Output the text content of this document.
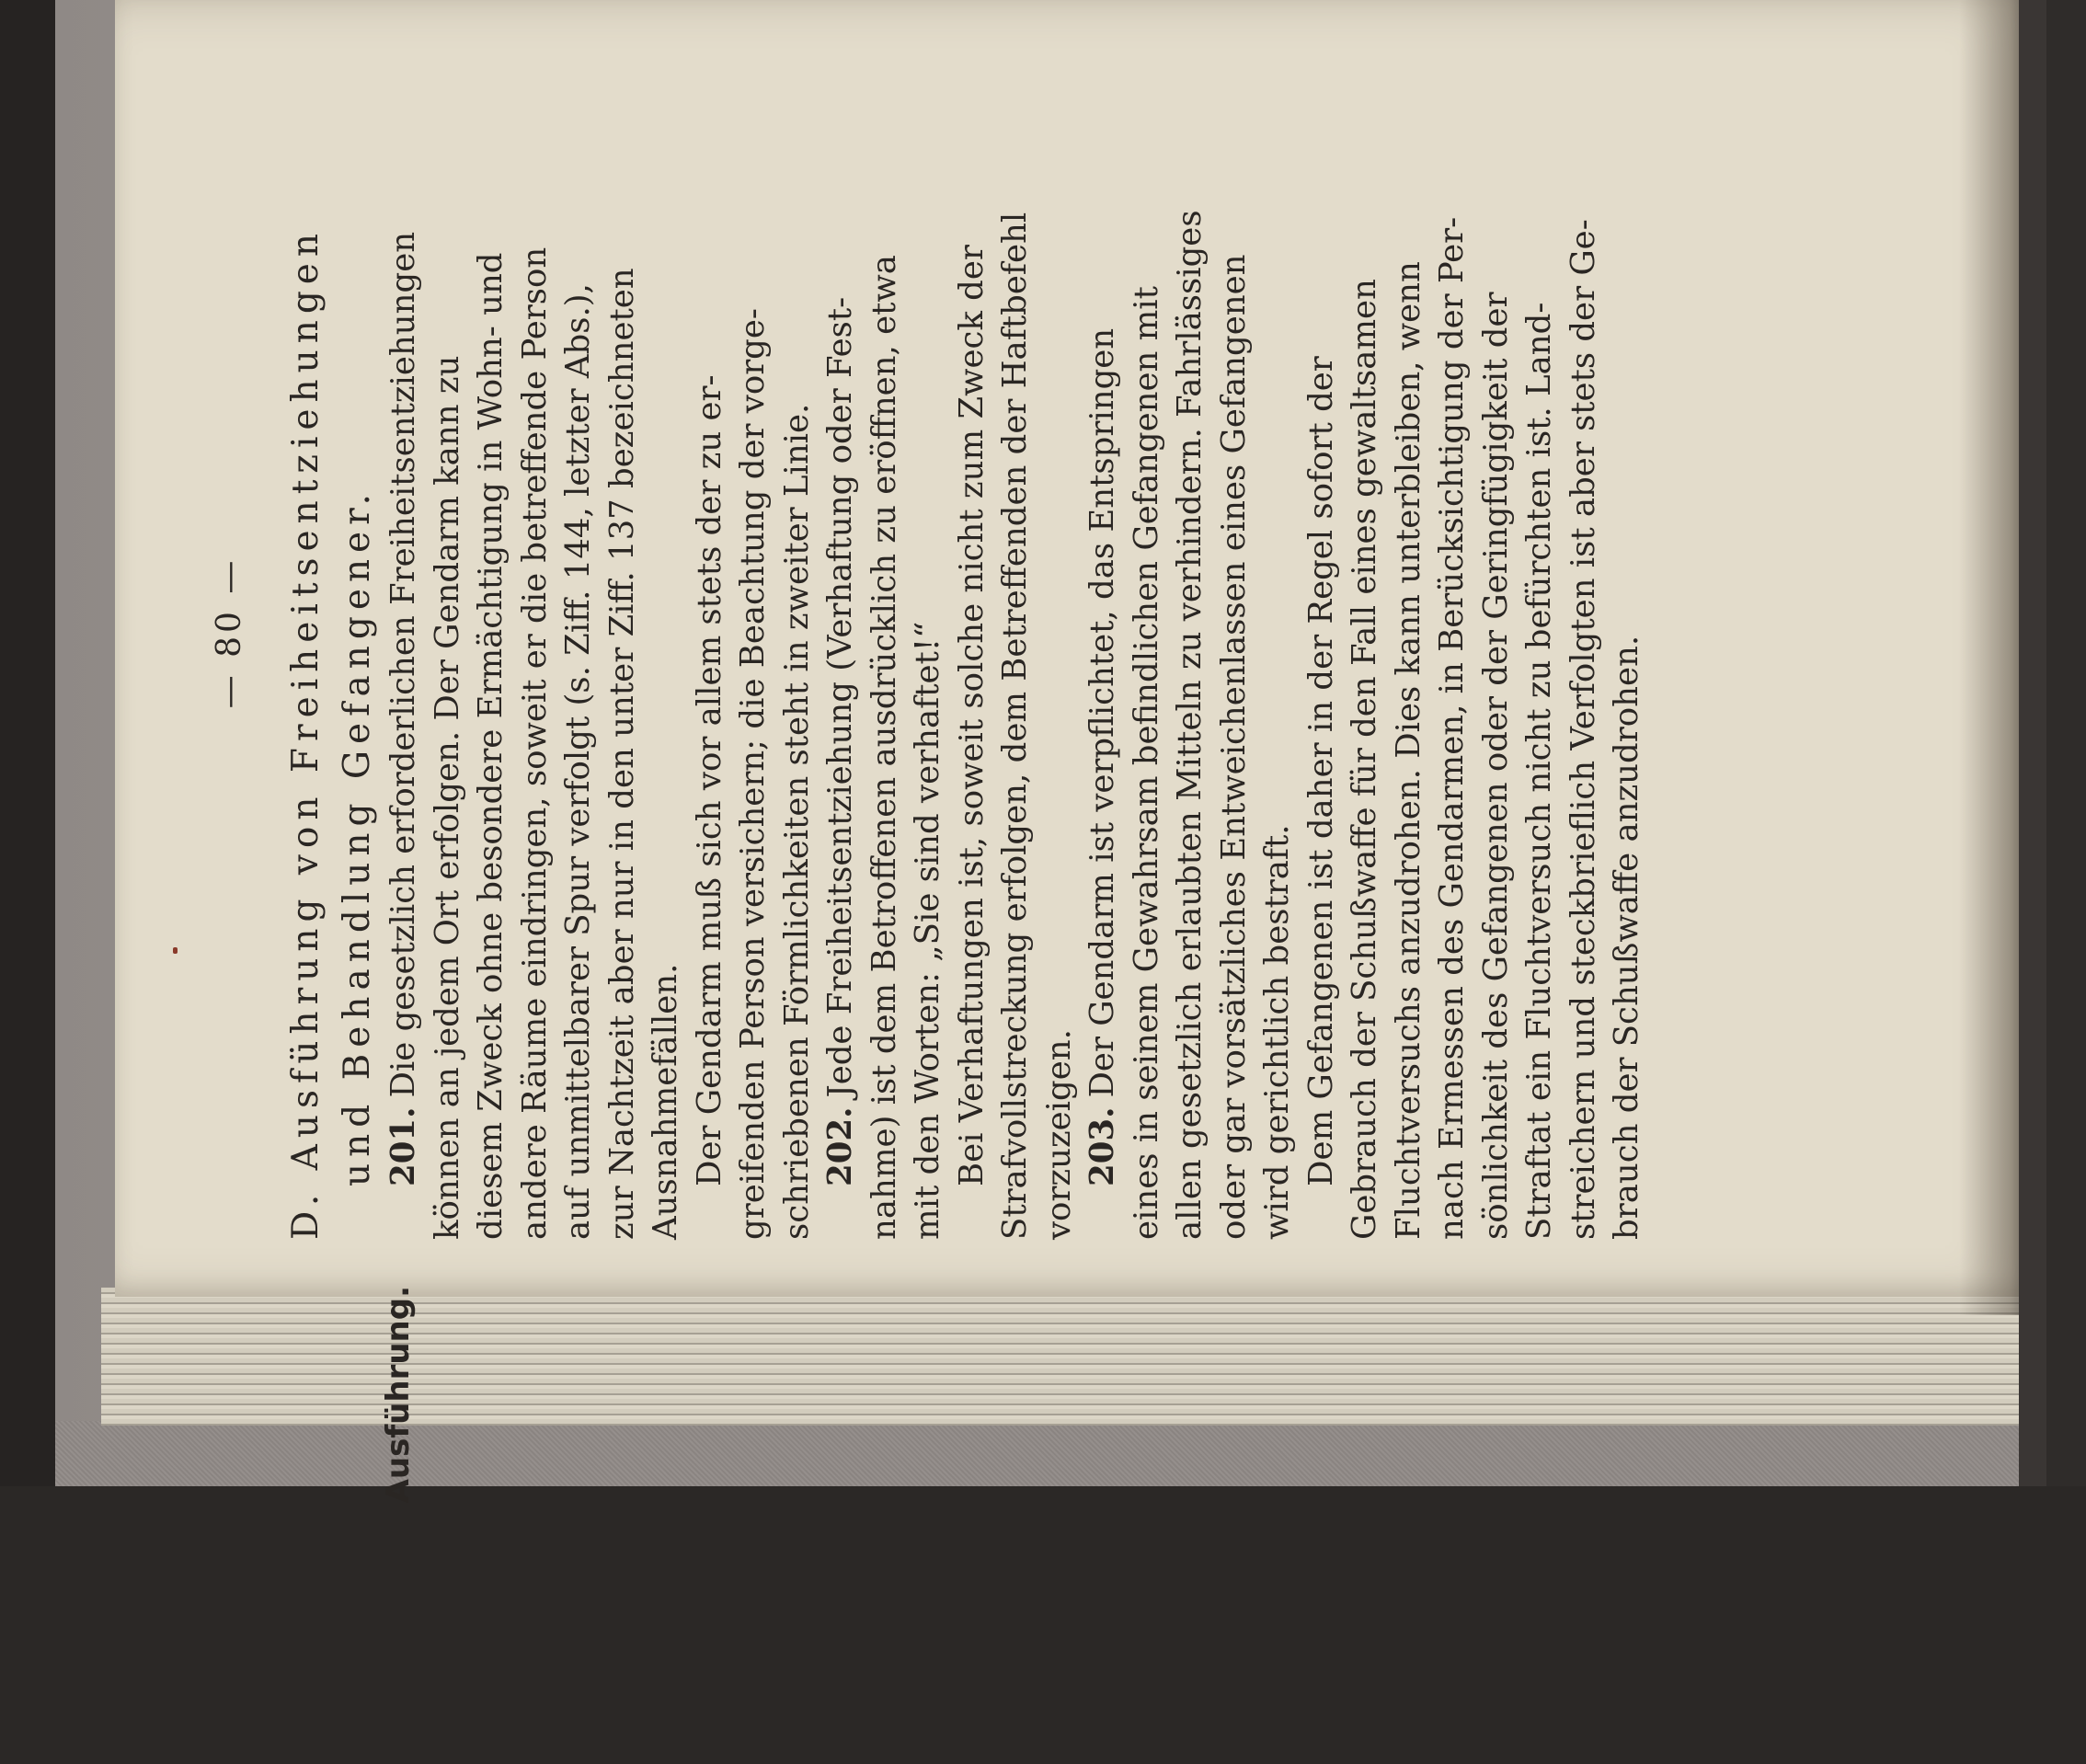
— 80 — D. Ausführung von Freiheitsentziehungen und Behandlung Gefangener.
Ausführung.

201.Die gesetzlich erforderlichen Freiheitsentziehungen können an jedem Ort erfolgen. Der Gendarm kann zu diesem Zweck ohne besondere Ermächtigung in Wohn- und andere Räume eindringen, soweit er die betreffende Person auf unmittelbarer Spur verfolgt (s. Ziff. 144, letzter Abs.), zur Nachtzeit aber nur in den unter Ziff. 137 bezeichneten Ausnahmefällen. Der Gendarm muß sich vor allem stets der zu er- greifenden Person versichern; die Beachtung der vorge- schriebenen Förmlichkeiten steht in zweiter Linie. 202.Jede Freiheitsentziehung (Verhaftung oder Fest- nahme) ist dem Betroffenen ausdrücklich zu eröffnen, etwa mit den Worten: „Sie sind verhaftet!“ Bei Verhaftungen ist, soweit solche nicht zum Zweck der Strafvollstreckung erfolgen, dem Betreffenden der Haftbefehl vorzuzeigen. 203.Der Gendarm ist verpflichtet, das Entspringen eines in seinem Gewahrsam befindlichen Gefangenen mit allen gesetzlich erlaubten Mitteln zu verhindern. Fahrlässiges oder gar vorsätzliches Entweichenlassen eines Gefangenen wird gerichtlich bestraft. Dem Gefangenen ist daher in der Regel sofort der Gebrauch der Schußwaffe für den Fall eines gewaltsamen Fluchtversuchs anzudrohen. Dies kann unterbleiben, wenn nach Ermessen des Gendarmen, in Berücksichtigung der Per- sönlichkeit des Gefangenen oder der Geringfügigkeit der Straftat ein Fluchtversuch nicht zu befürchten ist. Land- streichern und steckbrieflich Verfolgten ist aber stets der Ge- brauch der Schußwaffe anzudrohen.
